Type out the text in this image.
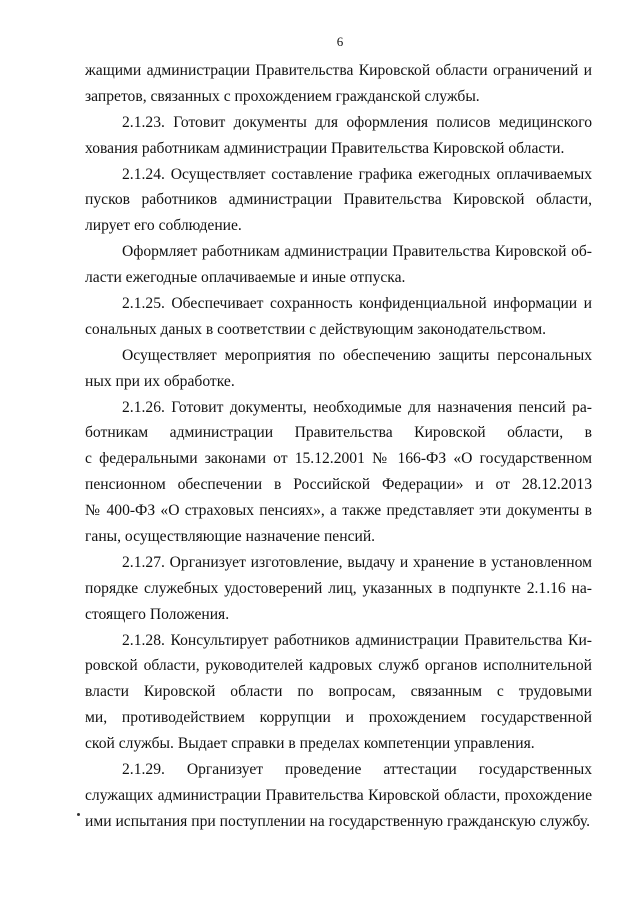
6
жащими администрации Правительства Кировской области ограничений и
запретов, связанных с прохождением гражданской службы.
2.1.23. Готовит документы для оформления полисов медицинского
хования работникам администрации Правительства Кировской области.
2.1.24. Осуществляет составление графика ежегодных оплачиваемых
пусков работников администрации Правительства Кировской области,
лирует его соблюдение.
Оформляет работникам администрации Правительства Кировской об-
ласти ежегодные оплачиваемые и иные отпуска.
2.1.25. Обеспечивает сохранность конфиденциальной информации и
сональных даных в соответствии с действующим законодательством.
Осуществляет мероприятия по обеспечению защиты персональных
ных при их обработке.
2.1.26. Готовит документы, необходимые для назначения пенсий ра-
ботникам администрации Правительства Кировской области, в
с федеральными законами от 15.12.2001 № 166-ФЗ «О государственном
пенсионном обеспечении в Российской Федерации» и от 28.12.2013
№ 400-ФЗ «О страховых пенсиях», а также представляет эти документы в
ганы, осуществляющие назначение пенсий.
2.1.27. Организует изготовление, выдачу и хранение в установленном
порядке служебных удостоверений лиц, указанных в подпункте 2.1.16 на-
стоящего Положения.
2.1.28. Консультирует работников администрации Правительства Ки-
ровской области, руководителей кадровых служб органов исполнительной
власти Кировской области по вопросам, связанным с трудовыми
ми, противодействием коррупции и прохождением государственной
ской службы. Выдает справки в пределах компетенции управления.
2.1.29. Организует проведение аттестации государственных
служащих администрации Правительства Кировской области, прохождение
ими испытания при поступлении на государственную гражданскую службу.
